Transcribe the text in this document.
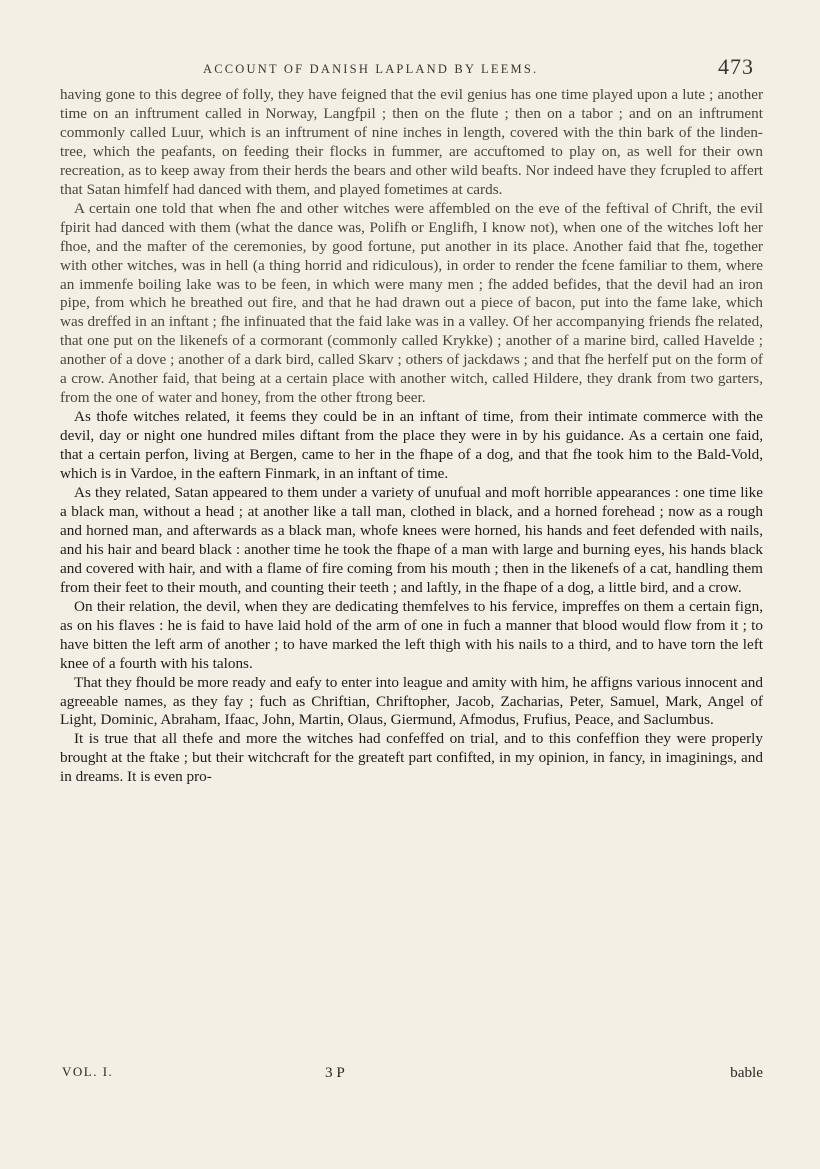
ACCOUNT OF DANISH LAPLAND BY LEEMS.	473

having gone to this degree of folly, they have feigned that the evil genius has one time played upon a lute ; another time on an inftrument called in Norway, Langfpil ; then on the flute ; then on a tabor ; and on an inftrument commonly called Luur, which is an inftrument of nine inches in length, covered with the thin bark of the linden-tree, which the peafants, on feeding their flocks in fummer, are accuftomed to play on, as well for their own recreation, as to keep away from their herds the bears and other wild beafts. Nor indeed have they fcrupled to affert that Satan himfelf had danced with them, and played fometimes at cards.

A certain one told that when fhe and other witches were affembled on the eve of the feftival of Chrift, the evil fpirit had danced with them (what the dance was, Polifh or Englifh, I know not), when one of the witches loft her fhoe, and the mafter of the ceremonies, by good fortune, put another in its place. Another faid that fhe, together with other witches, was in hell (a thing horrid and ridiculous), in order to render the fcene familiar to them, where an immenfe boiling lake was to be feen, in which were many men ; fhe added befides, that the devil had an iron pipe, from which he breathed out fire, and that he had drawn out a piece of bacon, put into the fame lake, which was dreffed in an inftant ; fhe infinuated that the faid lake was in a valley. Of her accompanying friends fhe related, that one put on the likenefs of a cormorant (commonly called Krykke) ; another of a marine bird, called Havelde ; another of a dove ; another of a dark bird, called Skarv ; others of jackdaws ; and that fhe herfelf put on the form of a crow. Another faid, that being at a certain place with another witch, called Hildere, they drank from two garters, from the one of water and honey, from the other ftrong beer.

As thofe witches related, it feems they could be in an inftant of time, from their intimate commerce with the devil, day or night one hundred miles diftant from the place they were in by his guidance. As a certain one faid, that a certain perfon, living at Bergen, came to her in the fhape of a dog, and that fhe took him to the Bald-Vold, which is in Vardoe, in the eaftern Finmark, in an inftant of time.

As they related, Satan appeared to them under a variety of unufual and moft horrible appearances : one time like a black man, without a head ; at another like a tall man, clothed in black, and a horned forehead ; now as a rough and horned man, and afterwards as a black man, whofe knees were horned, his hands and feet defended with nails, and his hair and beard black : another time he took the fhape of a man with large and burning eyes, his hands black and covered with hair, and with a flame of fire coming from his mouth ; then in the likenefs of a cat, handling them from their feet to their mouth, and counting their teeth ; and laftly, in the fhape of a dog, a little bird, and a crow.

On their relation, the devil, when they are dedicating themfelves to his fervice, impreffes on them a certain fign, as on his flaves : he is faid to have laid hold of the arm of one in fuch a manner that blood would flow from it ; to have bitten the left arm of another ; to have marked the left thigh with his nails to a third, and to have torn the left knee of a fourth with his talons.

That they fhould be more ready and eafy to enter into league and amity with him, he affigns various innocent and agreeable names, as they fay ; fuch as Chriftian, Chriftopher, Jacob, Zacharias, Peter, Samuel, Mark, Angel of Light, Dominic, Abraham, Ifaac, John, Martin, Olaus, Giermund, Afmodus, Frufius, Peace, and Saclumbus.

It is true that all thefe and more the witches had confeffed on trial, and to this confeffion they were properly brought at the ftake ; but their witchcraft for the greateft part confifted, in my opinion, in fancy, in imaginings, and in dreams. It is even pro-

VOL. I.	3 P	bable
